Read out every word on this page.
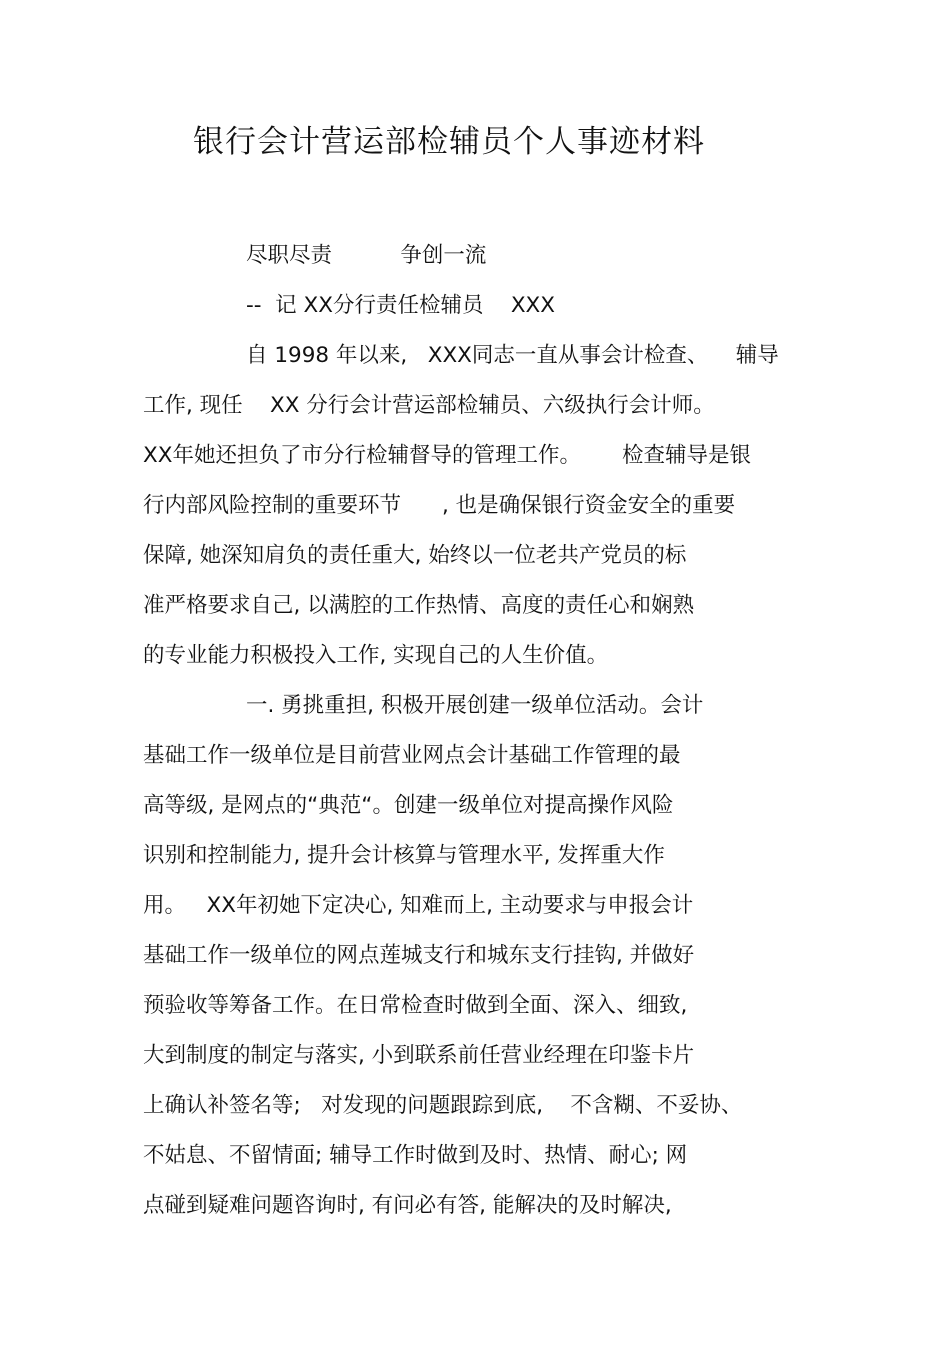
银行会计营运部检辅员个人事迹材料
尽职尽责          争创一流
--  记 XX分行责任检辅员    XXX
自 1998 年以来,   XXX同志一直从事会计检查、    辅导
工作, 现任    XX 分行会计营运部检辅员、六级执行会计师。
XX年她还担负了市分行检辅督导的管理工作。      检查辅导是银
行内部风险控制的重要环节      , 也是确保银行资金安全的重要
保障, 她深知肩负的责任重大, 始终以一位老共产党员的标
准严格要求自己, 以满腔的工作热情、高度的责任心和娴熟
的专业能力积极投入工作, 实现自己的人生价值。
一. 勇挑重担, 积极开展创建一级单位活动。会计
基础工作一级单位是目前营业网点会计基础工作管理的最
高等级, 是网点的“典范“。创建一级单位对提高操作风险
识别和控制能力, 提升会计核算与管理水平, 发挥重大作
用。   XX年初她下定决心, 知难而上, 主动要求与申报会计
基础工作一级单位的网点莲城支行和城东支行挂钩, 并做好
预验收等筹备工作。在日常检查时做到全面、深入、细致,
大到制度的制定与落实, 小到联系前任营业经理在印鉴卡片
上确认补签名等;   对发现的问题跟踪到底,    不含糊、不妥协、
不姑息、不留情面; 辅导工作时做到及时、热情、耐心; 网
点碰到疑难问题咨询时, 有问必有答, 能解决的及时解决,
